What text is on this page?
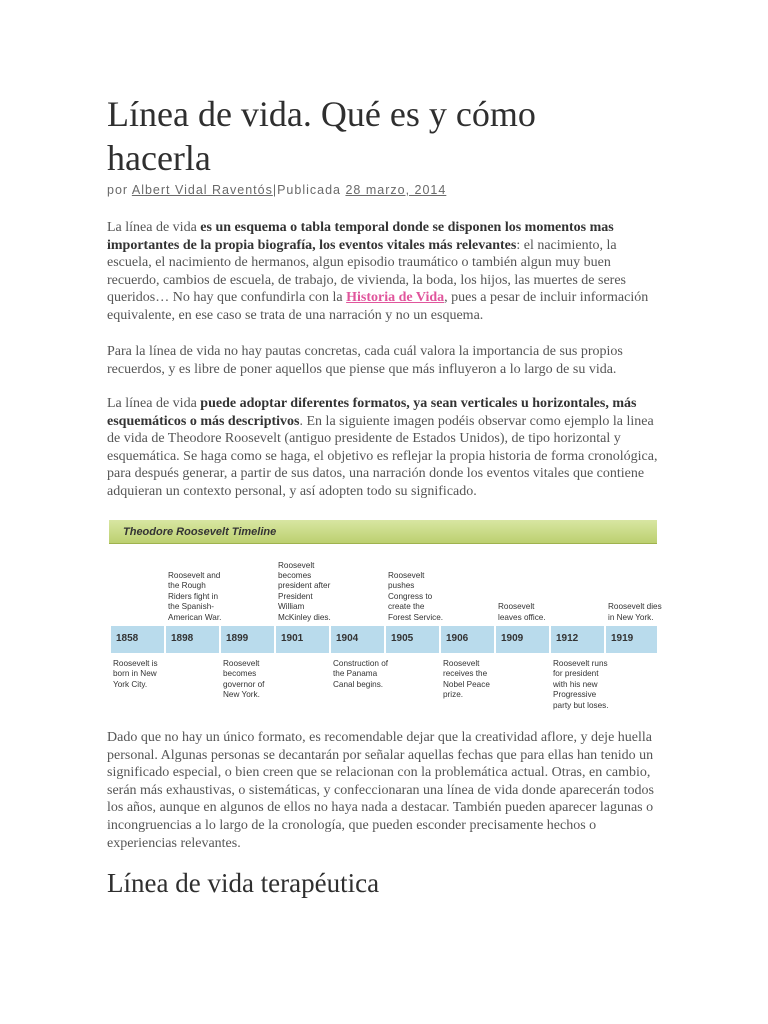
Línea de vida. Qué es y cómo hacerla
por Albert Vidal Raventós|Publicada 28 marzo, 2014

La línea de vida es un esquema o tabla temporal donde se disponen los momentos mas importantes de la propia biografía, los eventos vitales más relevantes: el nacimiento, la escuela, el nacimiento de hermanos, algun episodio traumático o también algun muy buen recuerdo, cambios de escuela, de trabajo, de vivienda, la boda, los hijos, las muertes de seres queridos… No hay que confundirla con la Historia de Vida, pues a pesar de incluir información equivalente, en ese caso se trata de una narración y no un esquema.

Para la línea de vida no hay pautas concretas, cada cuál valora la importancia de sus propios recuerdos, y es libre de poner aquellos que piense que más influyeron a lo largo de su vida.

La línea de vida puede adoptar diferentes formatos, ya sean verticales u horizontales, más esquemáticos o más descriptivos. En la siguiente imagen podéis observar como ejemplo la linea de vida de Theodore Roosevelt (antiguo presidente de Estados Unidos), de tipo horizontal y esquemática. Se haga como se haga, el objetivo es reflejar la propia historia de forma cronológica, para después generar, a partir de sus datos, una narración donde los eventos vitales que contiene adquieran un contexto personal, y así adopten todo su significado.

Theodore Roosevelt Timeline
1858
Roosevelt is born in New York City.
1898
Roosevelt and the Rough Riders fight in the Spanish-American War.
1899
Roosevelt becomes governor of New York.
1901
Roosevelt becomes president after President William McKinley dies.
1904
Construction of the Panama Canal begins.
1905
Roosevelt pushes Congress to create the Forest Service.
1906
Roosevelt receives the Nobel Peace prize.
1909
Roosevelt leaves office.
1912
Roosevelt runs for president with his new Progressive party but loses.
1919
Roosevelt dies in New York.

Dado que no hay un único formato, es recomendable dejar que la creatividad aflore, y deje huella personal. Algunas personas se decantarán por señalar aquellas fechas que para ellas han tenido un significado especial, o bien creen que se relacionan con la problemática actual. Otras, en cambio, serán más exhaustivas, o sistemáticas, y confeccionaran una línea de vida donde aparecerán todos los años, aunque en algunos de ellos no haya nada a destacar. También pueden aparecer lagunas o incongruencias a lo largo de la cronología, que pueden esconder precisamente hechos o experiencias relevantes.

Línea de vida terapéutica
